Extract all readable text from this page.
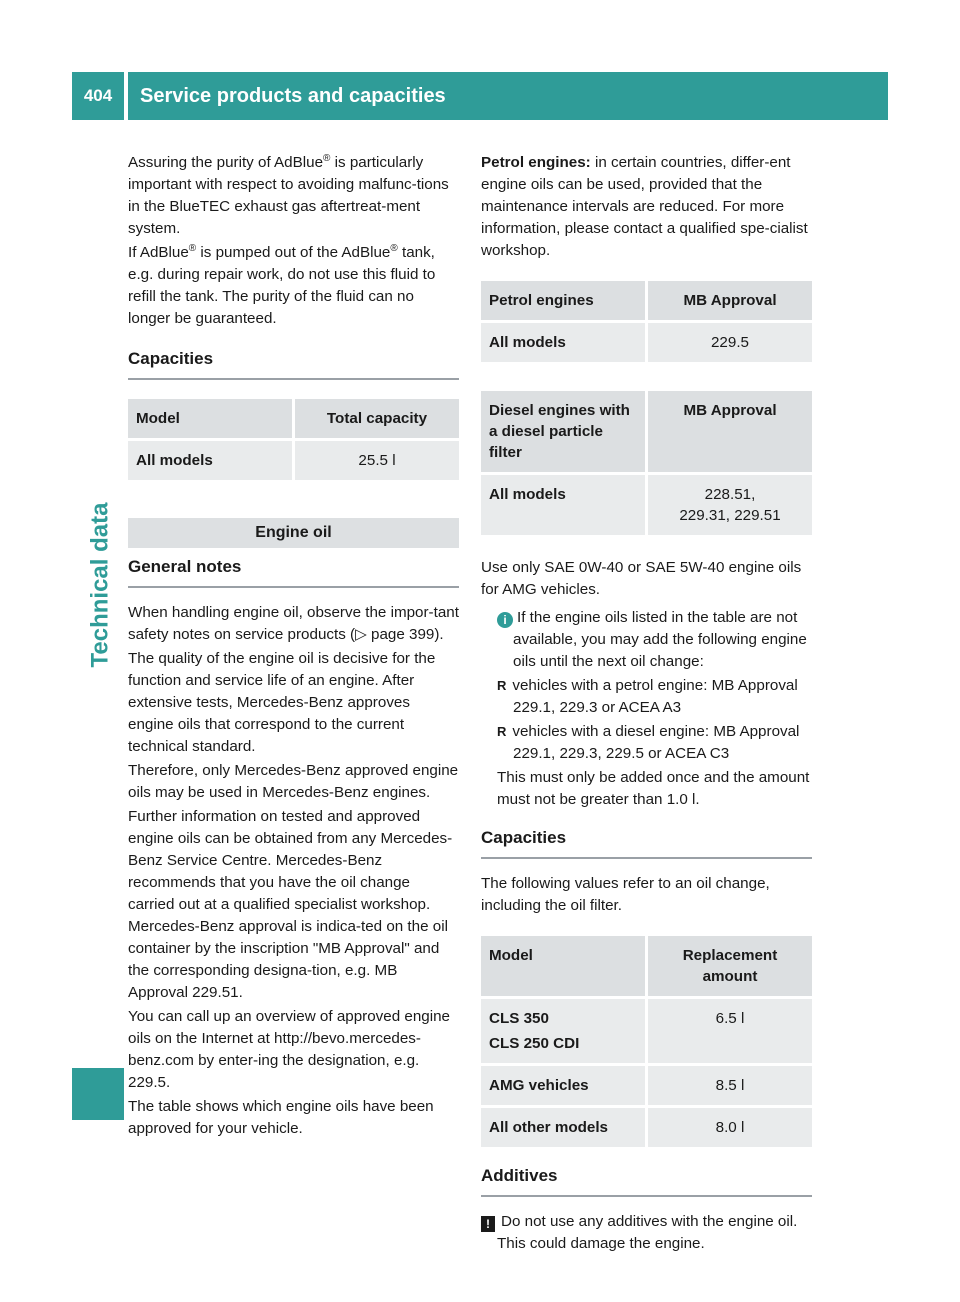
404	Service products and capacities
Technical data

Assuring the purity of AdBlue® is particularly important with respect to avoiding malfunc-tions in the BlueTEC exhaust gas aftertreat-ment system.

If AdBlue® is pumped out of the AdBlue® tank, e.g. during repair work, do not use this fluid to refill the tank. The purity of the fluid can no longer be guaranteed.

Capacities
Model	Total capacity
All models	25.5 l
Engine oil
General notes

When handling engine oil, observe the impor-tant safety notes on service products (▷ page 399).

The quality of the engine oil is decisive for the function and service life of an engine. After extensive tests, Mercedes-Benz approves engine oils that correspond to the current technical standard.

Therefore, only Mercedes-Benz approved engine oils may be used in Mercedes-Benz engines.

Further information on tested and approved engine oils can be obtained from any Mercedes-Benz Service Centre. Mercedes-Benz recommends that you have the oil change carried out at a qualified specialist workshop. Mercedes-Benz approval is indica-ted on the oil container by the inscription "MB Approval" and the corresponding designa-tion, e.g. MB Approval 229.51.

You can call up an overview of approved engine oils on the Internet at http://bevo.mercedes-benz.com by enter-ing the designation, e.g. 229.5.

The table shows which engine oils have been approved for your vehicle.

Petrol engines: in certain countries, differ-ent engine oils can be used, provided that the maintenance intervals are reduced. For more information, please contact a qualified spe-cialist workshop.

Petrol engines	MB Approval
All models	229.5
Diesel engines with a diesel particle filter	MB Approval
All models	228.51,
229.31, 229.51

Use only SAE 0W-40 or SAE 5W-40 engine oils for AMG vehicles.

i If the engine oils listed in the table are not available, you may add the following engine oils until the next oil change:

R vehicles with a petrol engine: MB Approval 229.1, 229.3 or ACEA A3

R vehicles with a diesel engine: MB Approval 229.1, 229.3, 229.5 or ACEA C3

This must only be added once and the amount must not be greater than 1.0 l.

Capacities

The following values refer to an oil change, including the oil filter.

Model	Replacement amount
CLS 350
CLS 250 CDI	6.5 l
AMG vehicles	8.5 l
All other models	8.0 l
Additives

! Do not use any additives with the engine oil. This could damage the engine.
